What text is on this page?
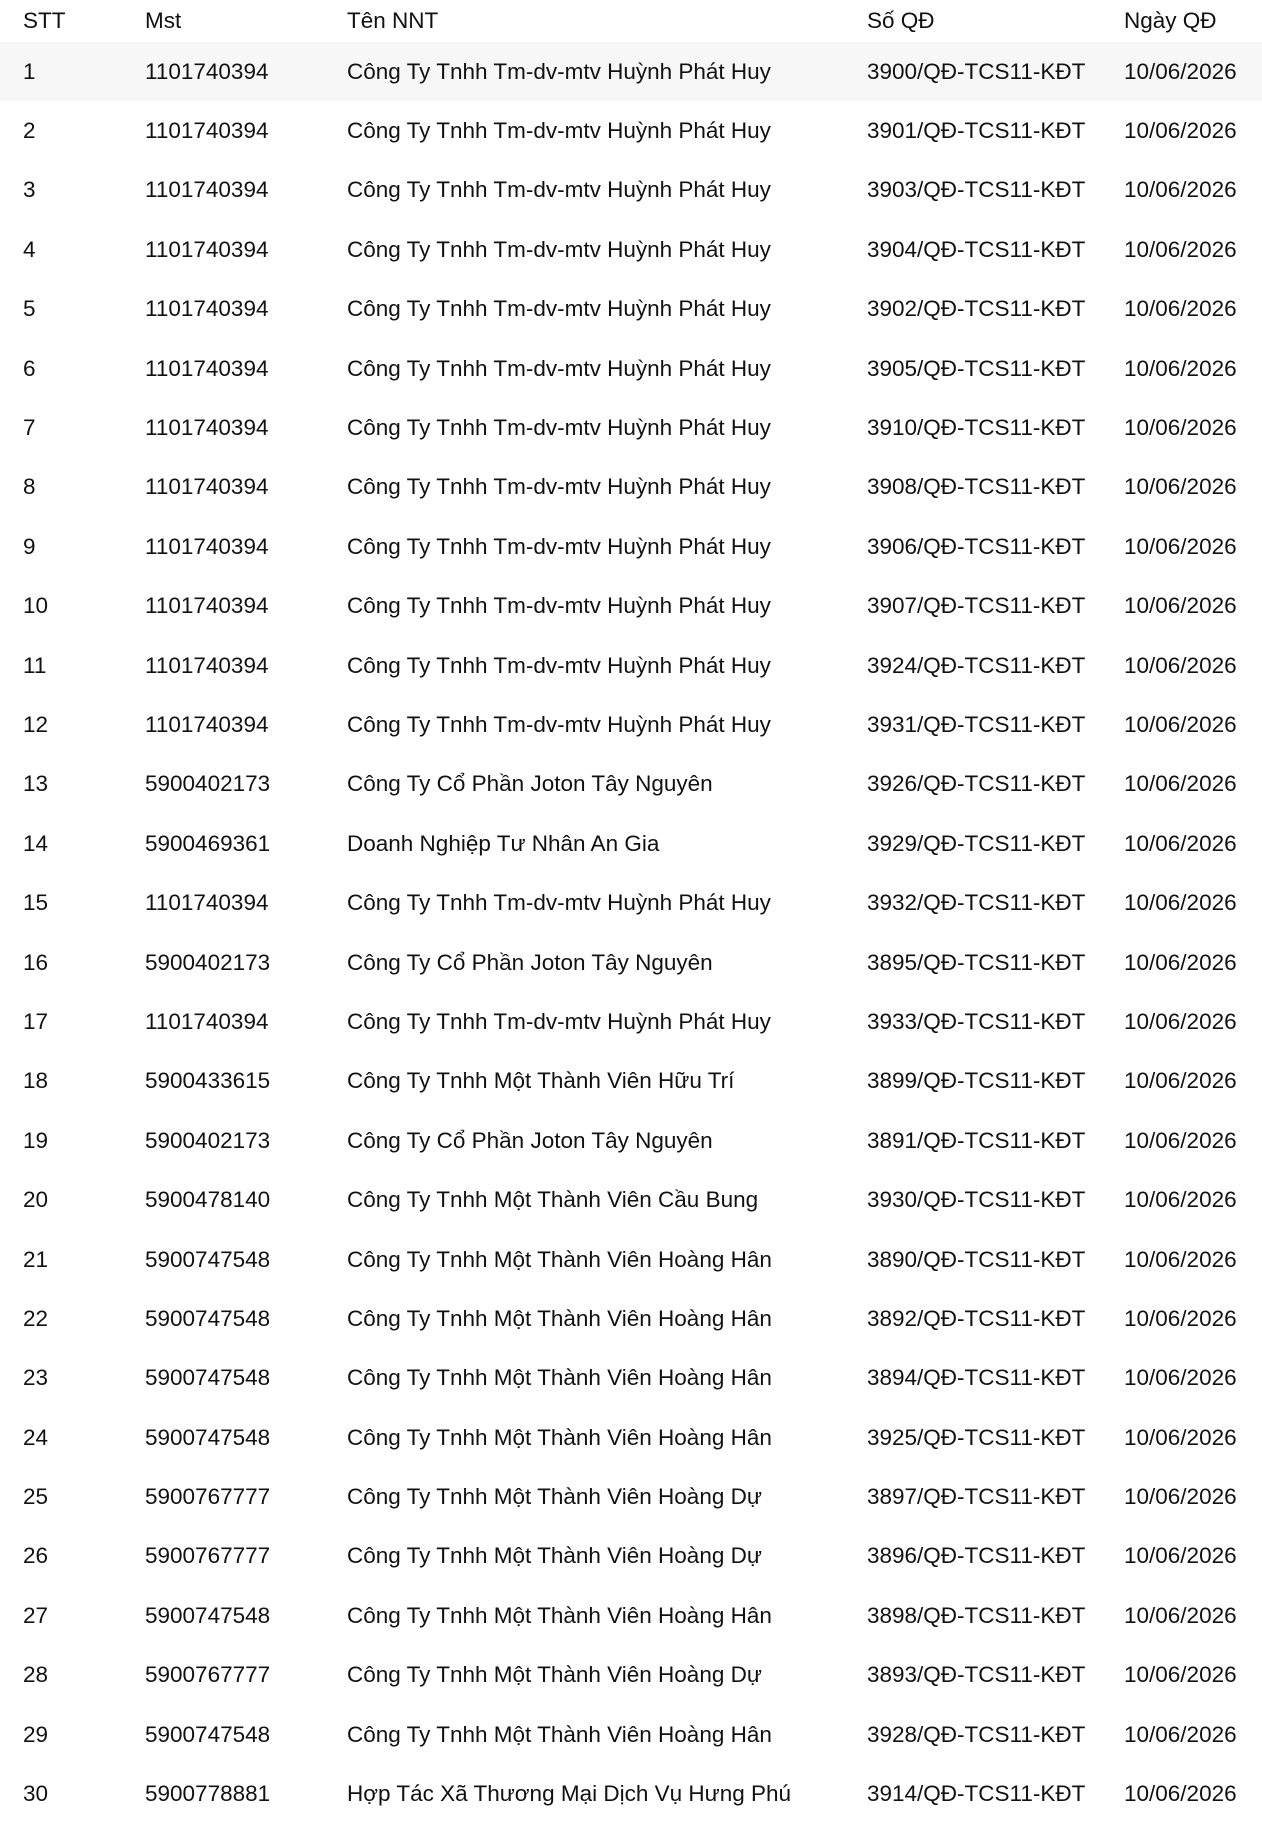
STT	Mst	Tên NNT	Số QĐ	Ngày QĐ
1	1101740394	Công Ty Tnhh Tm-dv-mtv Huỳnh Phát Huy	3900/QĐ-TCS11-KĐT	10/06/2026
2	1101740394	Công Ty Tnhh Tm-dv-mtv Huỳnh Phát Huy	3901/QĐ-TCS11-KĐT	10/06/2026
3	1101740394	Công Ty Tnhh Tm-dv-mtv Huỳnh Phát Huy	3903/QĐ-TCS11-KĐT	10/06/2026
4	1101740394	Công Ty Tnhh Tm-dv-mtv Huỳnh Phát Huy	3904/QĐ-TCS11-KĐT	10/06/2026
5	1101740394	Công Ty Tnhh Tm-dv-mtv Huỳnh Phát Huy	3902/QĐ-TCS11-KĐT	10/06/2026
6	1101740394	Công Ty Tnhh Tm-dv-mtv Huỳnh Phát Huy	3905/QĐ-TCS11-KĐT	10/06/2026
7	1101740394	Công Ty Tnhh Tm-dv-mtv Huỳnh Phát Huy	3910/QĐ-TCS11-KĐT	10/06/2026
8	1101740394	Công Ty Tnhh Tm-dv-mtv Huỳnh Phát Huy	3908/QĐ-TCS11-KĐT	10/06/2026
9	1101740394	Công Ty Tnhh Tm-dv-mtv Huỳnh Phát Huy	3906/QĐ-TCS11-KĐT	10/06/2026
10	1101740394	Công Ty Tnhh Tm-dv-mtv Huỳnh Phát Huy	3907/QĐ-TCS11-KĐT	10/06/2026
11	1101740394	Công Ty Tnhh Tm-dv-mtv Huỳnh Phát Huy	3924/QĐ-TCS11-KĐT	10/06/2026
12	1101740394	Công Ty Tnhh Tm-dv-mtv Huỳnh Phát Huy	3931/QĐ-TCS11-KĐT	10/06/2026
13	5900402173	Công Ty Cổ Phần Joton Tây Nguyên	3926/QĐ-TCS11-KĐT	10/06/2026
14	5900469361	Doanh Nghiệp Tư Nhân An Gia	3929/QĐ-TCS11-KĐT	10/06/2026
15	1101740394	Công Ty Tnhh Tm-dv-mtv Huỳnh Phát Huy	3932/QĐ-TCS11-KĐT	10/06/2026
16	5900402173	Công Ty Cổ Phần Joton Tây Nguyên	3895/QĐ-TCS11-KĐT	10/06/2026
17	1101740394	Công Ty Tnhh Tm-dv-mtv Huỳnh Phát Huy	3933/QĐ-TCS11-KĐT	10/06/2026
18	5900433615	Công Ty Tnhh Một Thành Viên Hữu Trí	3899/QĐ-TCS11-KĐT	10/06/2026
19	5900402173	Công Ty Cổ Phần Joton Tây Nguyên	3891/QĐ-TCS11-KĐT	10/06/2026
20	5900478140	Công Ty Tnhh Một Thành Viên Cầu Bung	3930/QĐ-TCS11-KĐT	10/06/2026
21	5900747548	Công Ty Tnhh Một Thành Viên Hoàng Hân	3890/QĐ-TCS11-KĐT	10/06/2026
22	5900747548	Công Ty Tnhh Một Thành Viên Hoàng Hân	3892/QĐ-TCS11-KĐT	10/06/2026
23	5900747548	Công Ty Tnhh Một Thành Viên Hoàng Hân	3894/QĐ-TCS11-KĐT	10/06/2026
24	5900747548	Công Ty Tnhh Một Thành Viên Hoàng Hân	3925/QĐ-TCS11-KĐT	10/06/2026
25	5900767777	Công Ty Tnhh Một Thành Viên Hoàng Dự	3897/QĐ-TCS11-KĐT	10/06/2026
26	5900767777	Công Ty Tnhh Một Thành Viên Hoàng Dự	3896/QĐ-TCS11-KĐT	10/06/2026
27	5900747548	Công Ty Tnhh Một Thành Viên Hoàng Hân	3898/QĐ-TCS11-KĐT	10/06/2026
28	5900767777	Công Ty Tnhh Một Thành Viên Hoàng Dự	3893/QĐ-TCS11-KĐT	10/06/2026
29	5900747548	Công Ty Tnhh Một Thành Viên Hoàng Hân	3928/QĐ-TCS11-KĐT	10/06/2026
30	5900778881	Hợp Tác Xã Thương Mại Dịch Vụ Hưng Phú	3914/QĐ-TCS11-KĐT	10/06/2026
